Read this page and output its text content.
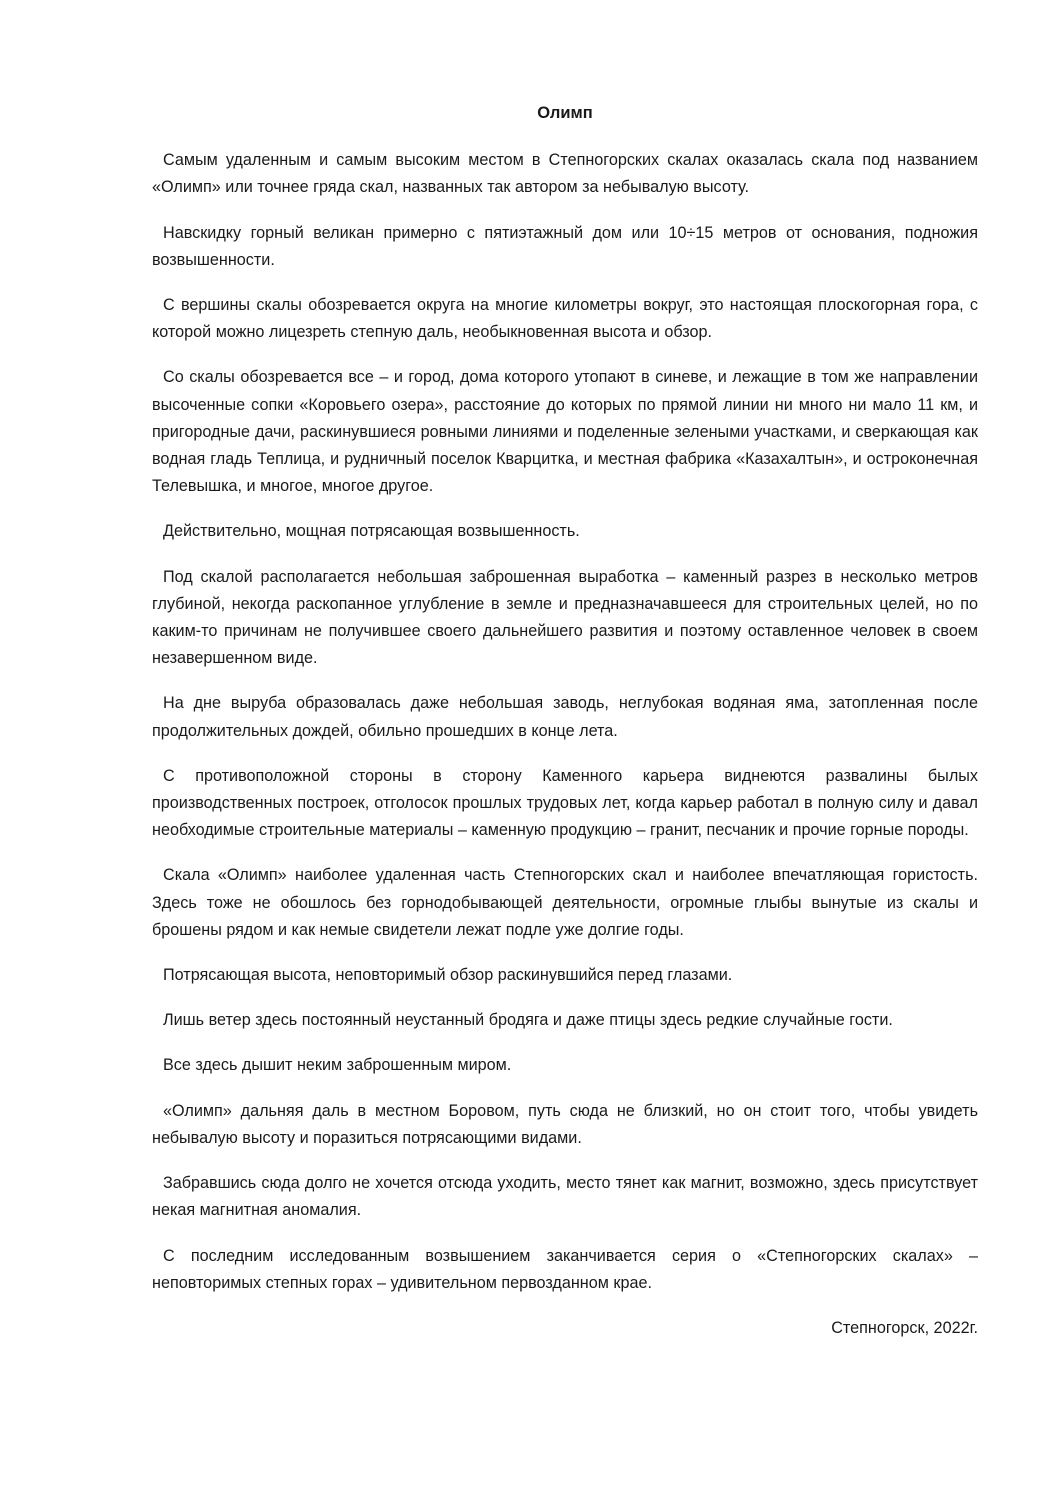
Олимп

Самым удаленным и самым высоким местом в Степногорских скалах оказалась скала под названием «Олимп» или точнее гряда скал, названных так автором за небывалую высоту.

Навскидку горный великан примерно с пятиэтажный дом или 10÷15 метров от основания, подножия возвышенности.

С вершины скалы обозревается округа на многие километры вокруг, это настоящая плоскогорная гора, с которой можно лицезреть степную даль, необыкновенная высота и обзор.

Со скалы обозревается все – и город, дома которого утопают в синеве, и лежащие в том же направлении высоченные сопки «Коровьего озера», расстояние до которых по прямой линии ни много ни мало 11 км, и пригородные дачи, раскинувшиеся ровными линиями и поделенные зелеными участками, и сверкающая как водная гладь Теплица, и рудничный поселок Кварцитка, и местная фабрика «Казахалтын», и остроконечная Телевышка, и многое, многое другое.

Действительно, мощная потрясающая возвышенность.

Под скалой располагается небольшая заброшенная выработка – каменный разрез в несколько метров глубиной, некогда раскопанное углубление в земле и предназначавшееся для строительных целей, но по каким-то причинам не получившее своего дальнейшего развития и поэтому оставленное человек в своем незавершенном виде.

На дне выруба образовалась даже небольшая заводь, неглубокая водяная яма, затопленная после продолжительных дождей, обильно прошедших в конце лета.

С противоположной стороны в сторону Каменного карьера виднеются развалины былых производственных построек, отголосок прошлых трудовых лет, когда карьер работал в полную силу и давал необходимые строительные материалы – каменную продукцию – гранит, песчаник и прочие горные породы.

Скала «Олимп» наиболее удаленная часть Степногорских скал и наиболее впечатляющая гористость. Здесь тоже не обошлось без горнодобывающей деятельности, огромные глыбы вынутые из скалы и брошены рядом и как немые свидетели лежат подле уже долгие годы.

Потрясающая высота, неповторимый обзор раскинувшийся перед глазами.

Лишь ветер здесь постоянный неустанный бродяга и даже птицы здесь редкие случайные гости.

Все здесь дышит неким заброшенным миром.

«Олимп» дальняя даль в местном Боровом, путь сюда не близкий, но он стоит того, чтобы увидеть небывалую высоту и поразиться потрясающими видами.

Забравшись сюда долго не хочется отсюда уходить, место тянет как магнит, возможно, здесь присутствует некая магнитная аномалия.

С последним исследованным возвышением заканчивается серия о «Степногорских скалах» – неповторимых степных горах – удивительном первозданном крае.

Степногорск, 2022г.
